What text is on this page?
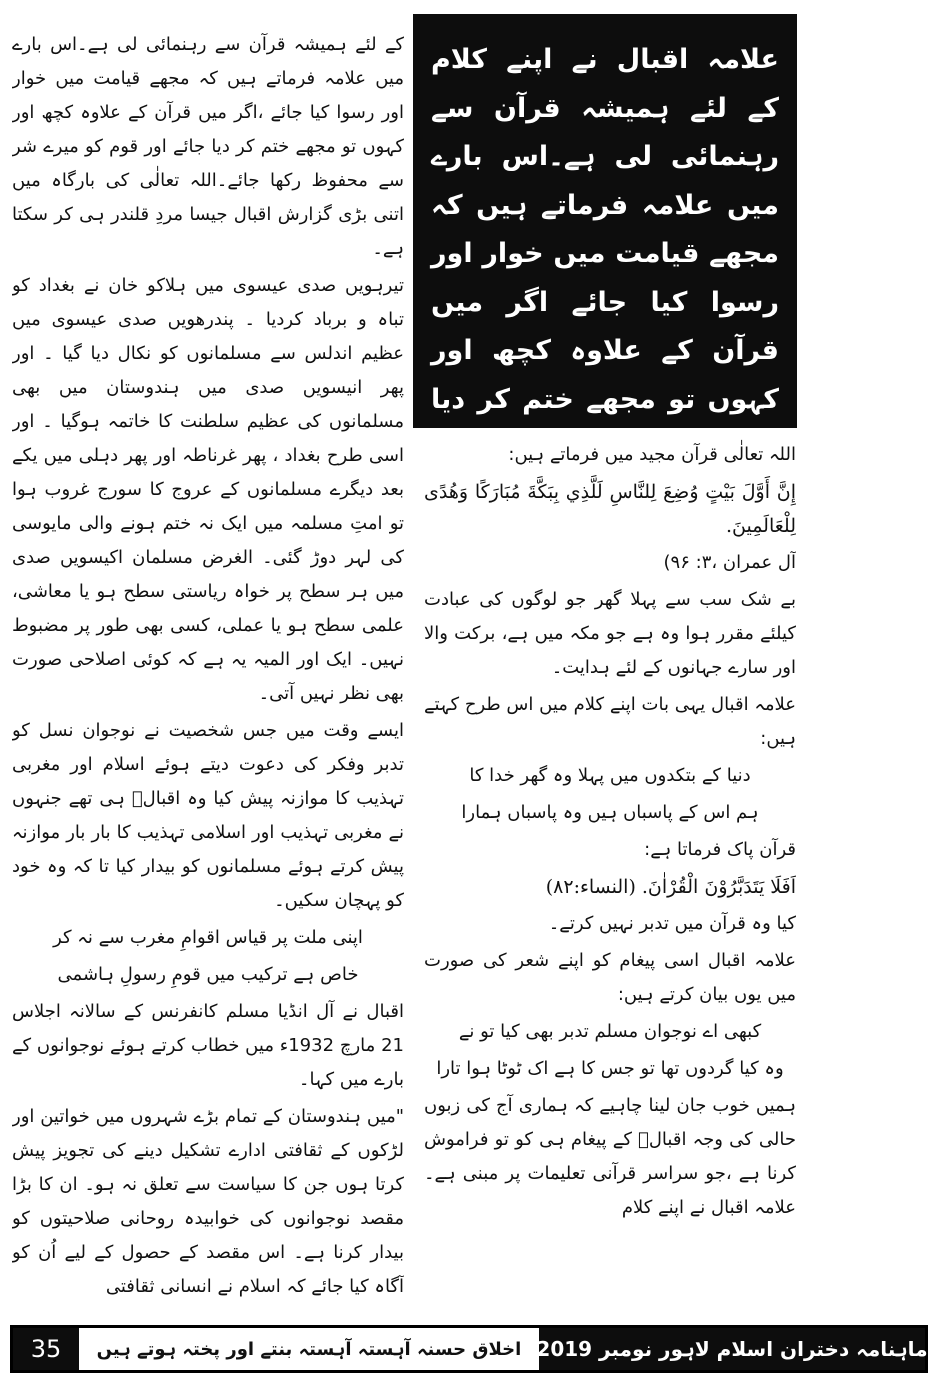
علامہ اقبال نے اپنے کلام کے لئے ہمیشہ قرآن سے رہنمائی لی ہے۔اس بارے میں علامہ فرماتے ہیں کہ مجھے قیامت میں خوار اور رسوا کیا جائے اگر میں قرآن کے علاوہ کچھ اور کہوں تو مجھے ختم کر دیا

کے لئے ہمیشہ قرآن سے رہنمائی لی ہے۔اس بارے میں علامہ فرماتے ہیں کہ مجھے قیامت میں خوار اور رسوا کیا جائے ،اگر میں قرآن کے علاوہ کچھ اور کہوں تو مجھے ختم کر دیا جائے اور قوم کو میرے شر سے محفوظ رکھا جائے۔اللہ تعالٰی کی بارگاہ میں اتنی بڑی گزارش اقبال جیسا مردِ قلندر ہی کر سکتا ہے۔

تیرہویں صدی عیسوی میں ہلاکو خان نے بغداد کو تباہ و برباد کردیا ۔ پندرھویں صدی عیسوی میں عظیم اندلس سے مسلمانوں کو نکال دیا گیا ۔ اور پھر انیسویں صدی میں ہندوستان میں بھی مسلمانوں کی عظیم سلطنت کا خاتمہ ہوگیا ۔ اور اسی طرح بغداد ، پھر غرناطہ اور پھر دہلی میں یکے بعد دیگرے مسلمانوں کے عروج کا سورج غروب ہوا تو امتِ مسلمہ میں ایک نہ ختم ہونے والی مایوسی کی لہر دوڑ گئی۔ الغرض مسلمان اکیسویں صدی میں ہر سطح پر خواہ ریاستی سطح ہو یا معاشی، علمی سطح ہو یا عملی، کسی بھی طور پر مضبوط نہیں۔ ایک اور المیہ یہ ہے کہ کوئی اصلاحی صورت بھی نظر نہیں آتی۔

ایسے وقت میں جس شخصیت نے نوجوان نسل کو تدبر وفکر کی دعوت دیتے ہوئے اسلام اور مغربی تہذیب کا موازنہ پیش کیا وہ اقبالؒ ہی تھے جنہوں نے مغربی تہذیب اور اسلامی تہذیب کا بار بار موازنہ پیش کرتے ہوئے مسلمانوں کو بیدار کیا تا کہ وہ خود کو پہچان سکیں۔

اپنی ملت پر قیاس اقوامِ مغرب سے نہ کر

خاص ہے ترکیب میں قومِ رسولِ ہاشمی

اقبال نے آل انڈیا مسلم کانفرنس کے سالانہ اجلاس 21 مارچ 1932ء میں خطاب کرتے ہوئے نوجوانوں کے بارے میں کہا۔

"میں ہندوستان کے تمام بڑے شہروں میں خواتین اور لڑکوں کے ثقافتی ادارے تشکیل دینے کی تجویز پیش کرتا ہوں جن کا سیاست سے تعلق نہ ہو۔ ان کا بڑا مقصد نوجوانوں کی خوابیدہ روحانی صلاحیتوں کو بیدار کرنا ہے۔ اس مقصد کے حصول کے لیے اُن کو آگاہ کیا جائے کہ اسلام نے انسانی ثقافتی

اللہ تعالٰی قرآن مجید میں فرماتے ہیں:

إِنَّ أَوَّلَ بَيْتٍ وُضِعَ لِلنَّاسِ لَلَّذِي بِبَكَّةَ مُبَارَكًا وَهُدًى لِلْعَالَمِينَ.

آل عمران ،۳: ۹۶)

بے شک سب سے پہلا گھر جو لوگوں کی عبادت کیلئے مقرر ہوا وہ ہے جو مکہ میں ہے، برکت والا اور سارے جہانوں کے لئے ہدایت۔

علامہ اقبال یہی بات اپنے کلام میں اس طرح کہتے ہیں:

دنیا کے بتکدوں میں پہلا وہ گھر خدا کا

ہم اس کے پاسباں ہیں وہ پاسباں ہمارا

قرآن پاک فرماتا ہے:

اَفَلَا یَتَدَبَّرُوْنَ الْقُرْاٰنَ. (النساء:۸۲)

کیا وہ قرآن میں تدبر نہیں کرتے۔

علامہ اقبال اسی پیغام کو اپنے شعر کی صورت میں یوں بیان کرتے ہیں:

کبھی اے نوجوان مسلم تدبر بھی کیا تو نے

وہ کیا گردوں تھا تو جس کا ہے اک ٹوٹا ہوا تارا

ہمیں خوب جان لینا چاہیے کہ ہماری آج کی زبوں حالی کی وجہ اقبالؒ کے پیغام ہی کو تو فراموش کرنا ہے ،جو سراسر قرآنی تعلیمات پر مبنی ہے۔ علامہ اقبال نے اپنے کلام

35	اخلاق حسنہ آہستہ آہستہ بنتے اور پختہ ہوتے ہیں ماہنامہ دختران اسلام لاہور نومبر 2019
